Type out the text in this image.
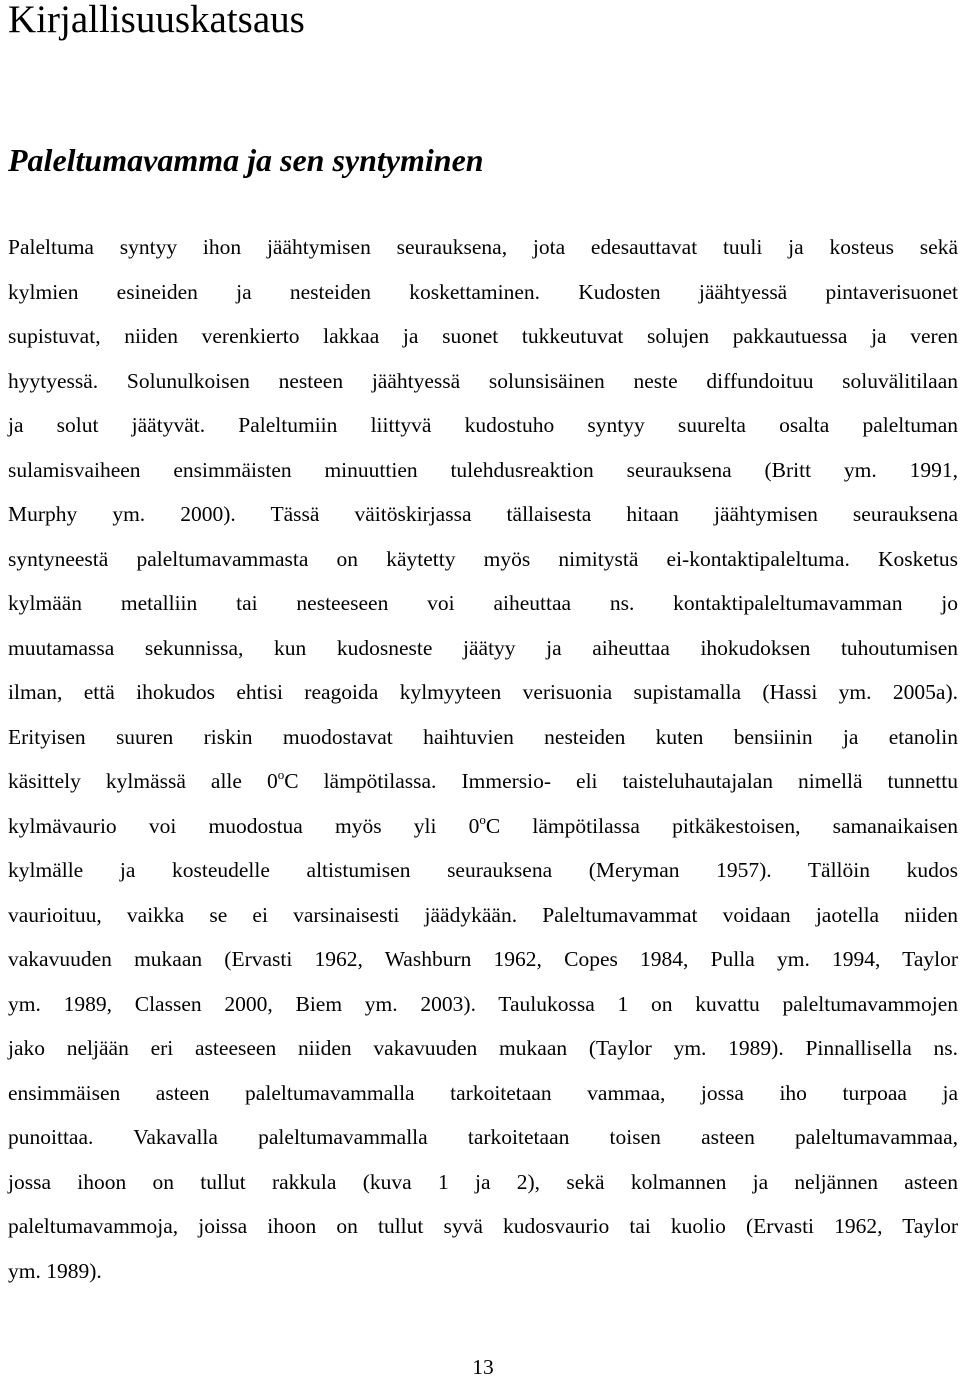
Kirjallisuuskatsaus
Paleltumavamma ja sen syntyminen
Paleltuma syntyy ihon jäähtymisen seurauksena, jota edesauttavat tuuli ja kosteus sekä
kylmien esineiden ja nesteiden koskettaminen. Kudosten jäähtyessä pintaverisuonet
supistuvat, niiden verenkierto lakkaa ja suonet tukkeutuvat solujen pakkautuessa ja veren
hyytyessä. Solunulkoisen nesteen jäähtyessä solunsisäinen neste diffundoituu soluvälitilaan
ja solut jäätyvät. Paleltumiin liittyvä kudostuho syntyy suurelta osalta paleltuman
sulamisvaiheen ensimmäisten minuuttien tulehdusreaktion seurauksena (Britt ym. 1991,
Murphy ym. 2000). Tässä väitöskirjassa tällaisesta hitaan jäähtymisen seurauksena
syntyneestä paleltumavammasta on käytetty myös nimitystä ei-kontaktipaleltuma. Kosketus
kylmään metalliin tai nesteeseen voi aiheuttaa ns. kontaktipaleltumavamman jo
muutamassa sekunnissa, kun kudosneste jäätyy ja aiheuttaa ihokudoksen tuhoutumisen
ilman, että ihokudos ehtisi reagoida kylmyyteen verisuonia supistamalla (Hassi ym. 2005a).
Erityisen suuren riskin muodostavat haihtuvien nesteiden kuten bensiinin ja etanolin
käsittely kylmässä alle 0$^o$C lämpötilassa. Immersio- eli taisteluhautajalan nimellä tunnettu
kylmävaurio voi muodostua myös yli 0$^o$C lämpötilassa pitkäkestoisen, samanaikaisen
kylmälle ja kosteudelle altistumisen seurauksena (Meryman 1957). Tällöin kudos
vaurioituu, vaikka se ei varsinaisesti jäädykään. Paleltumavammat voidaan jaotella niiden
vakavuuden mukaan (Ervasti 1962, Washburn 1962, Copes 1984, Pulla ym. 1994, Taylor
ym. 1989, Classen 2000, Biem ym. 2003). Taulukossa 1 on kuvattu paleltumavammojen
jako neljään eri asteeseen niiden vakavuuden mukaan (Taylor ym. 1989). Pinnallisella ns.
ensimmäisen asteen paleltumavammalla tarkoitetaan vammaa, jossa iho turpoaa ja
punoittaa. Vakavalla paleltumavammalla tarkoitetaan toisen asteen paleltumavammaa,
jossa ihoon on tullut rakkula (kuva 1 ja 2), sekä kolmannen ja neljännen asteen
paleltumavammoja, joissa ihoon on tullut syvä kudosvaurio tai kuolio (Ervasti 1962, Taylor
ym. 1989).
13
